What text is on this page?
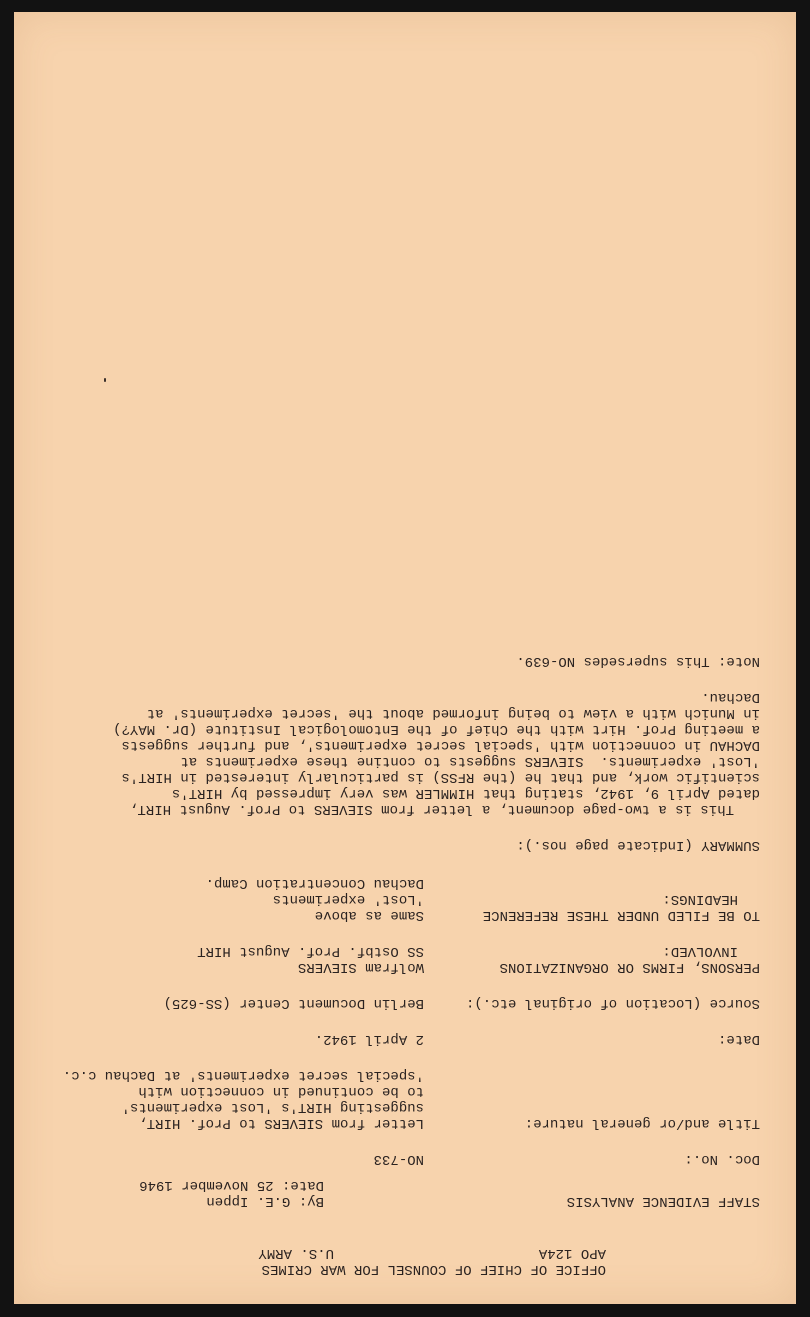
OFFICE OF CHIEF OF COUNSEL FOR WAR CRIMES
APO 124A
U.S. ARMY
STAFF EVIDENCE ANALYSIS
By: G.E. Ippen
Date: 25 November 1946
Doc. No.:
NO-733
Title and/or general nature:
Letter from SIEVERS to Prof. HIRT,
suggesting HIRT's 'Lost experiments'
to be continued in connection with
'special secret experiments' at Dachau c.c.
Date:
2 April 1942.
Source (Location of original etc.):
Berlin Document Center (SS-625)
PERSONS, FIRMS OR ORGANIZATIONS
INVOLVED:
Wolfram SIEVERS
SS Ostbf. Prof. August HIRT
TO BE FILED UNDER THESE REFERENCE
HEADINGS:
Same as above
'Lost' experiments
Dachau Concentration Camp.
SUMMARY (Indicate page nos.):
This is a two-page document, a letter from SIEVERS to Prof. August HIRT,
dated April 9, 1942, stating that HIMMLER was very impressed by HIRT's
scientific work, and that he (the RFSS) is particularly interested in HIRT's
'Lost' experiments.  SIEVERS suggests to contine these experiments at
DACHAU in connection with 'special secret experiments', and further suggests
a meeting Prof. Hirt with the Chief of the Entomological Institute (Dr. MAY?)
in Munich with a view to being informed about the 'secret experiments' at
Dachau.
Note: This supersedes NO-639.
